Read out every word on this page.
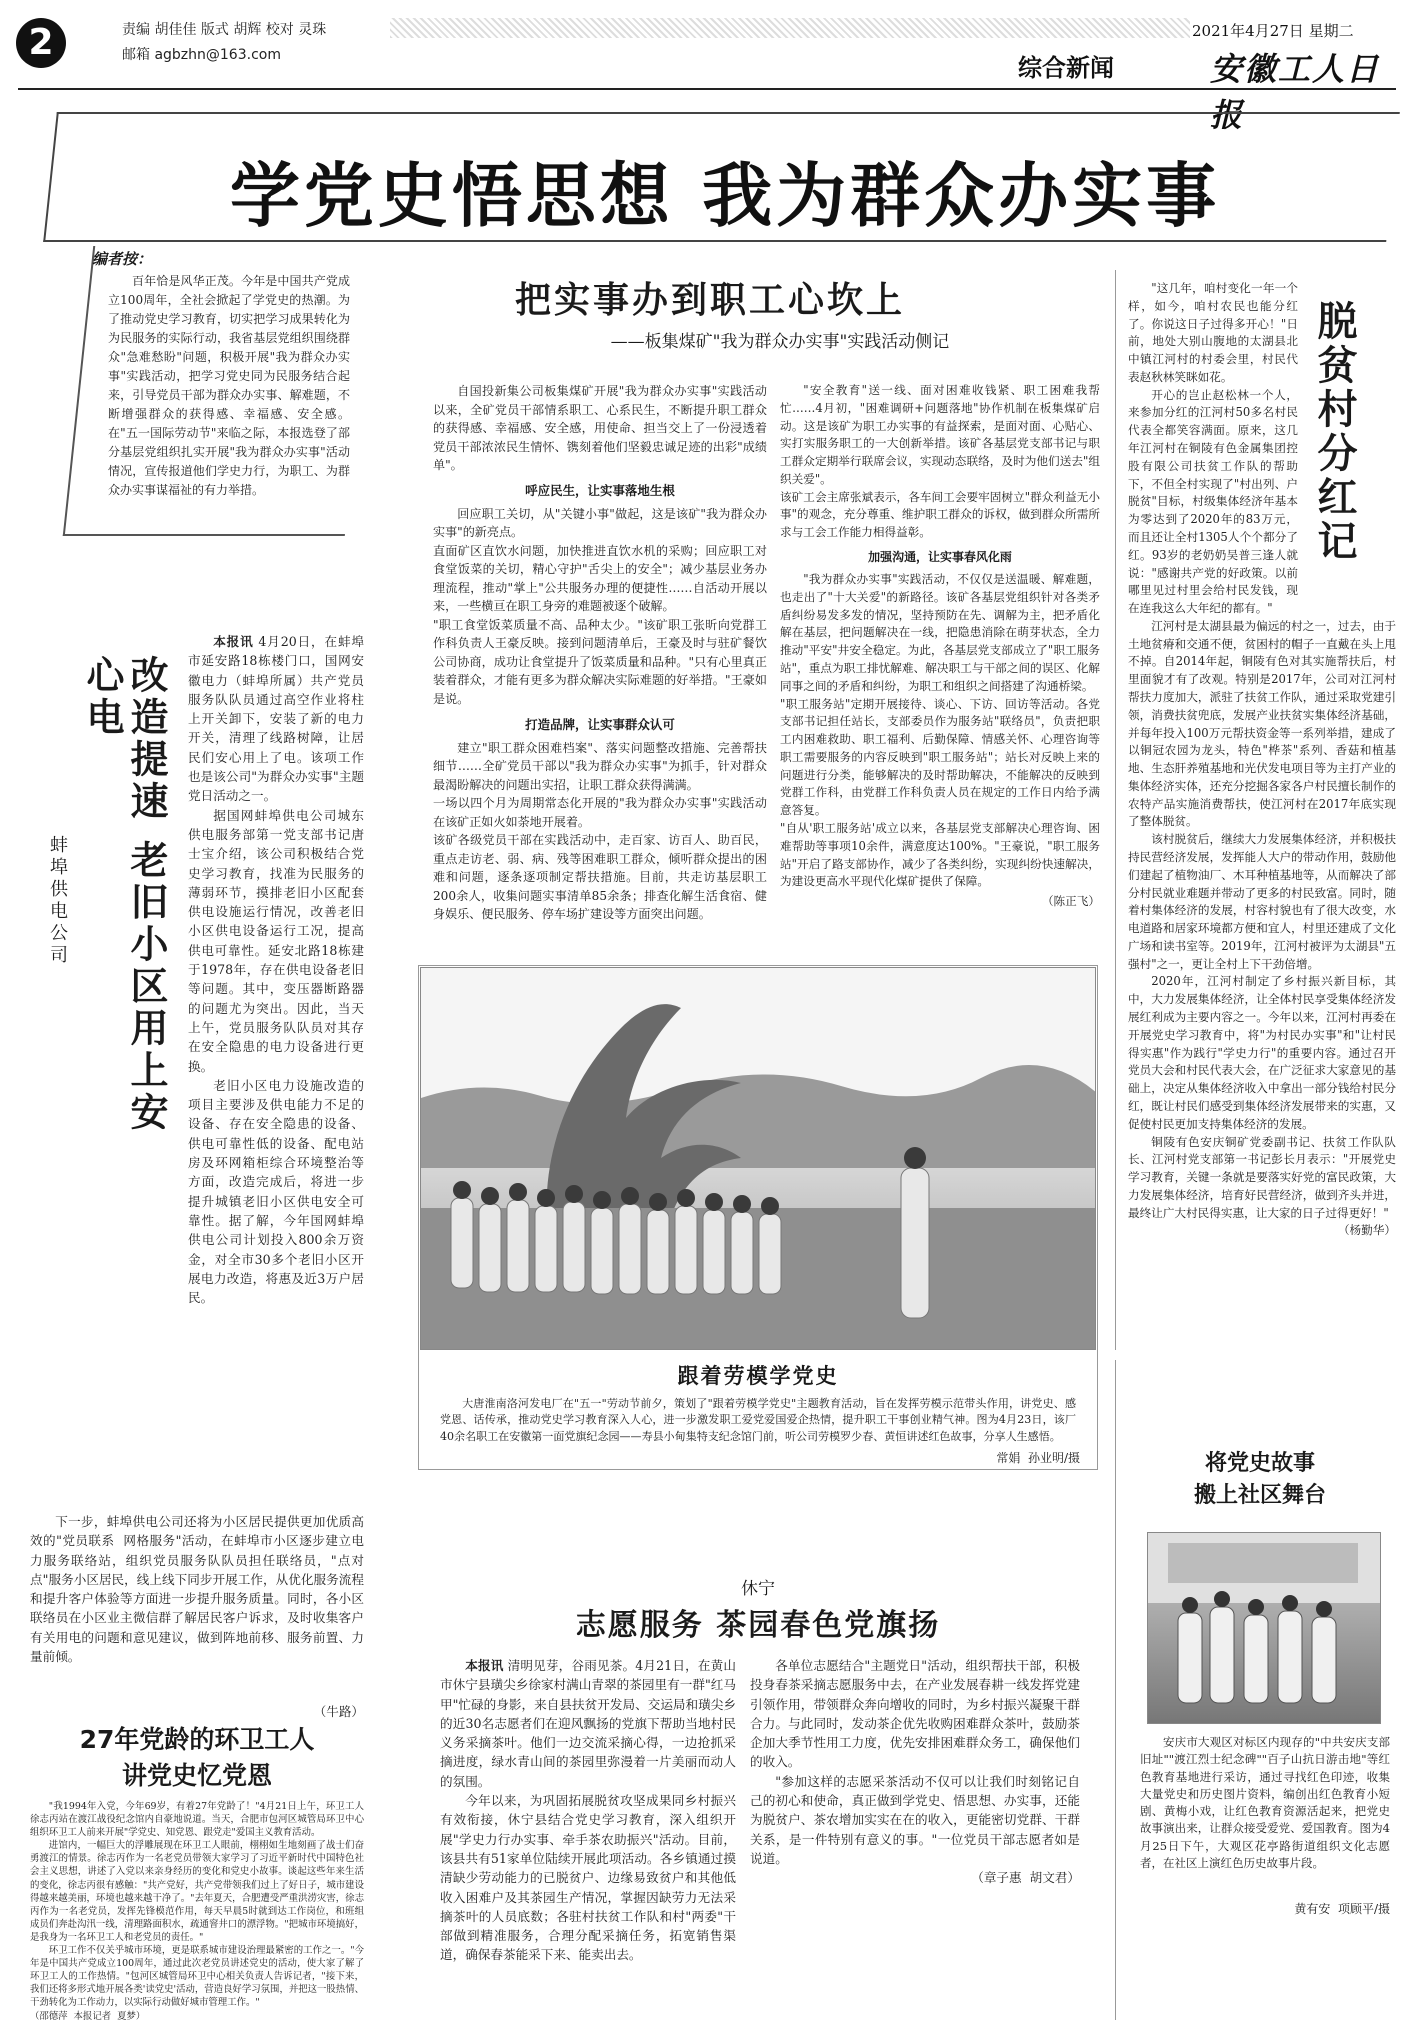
2	责编 胡佳佳 版式 胡辉 校对 灵珠
邮箱 agbzhn@163.com
2021年4月27日 星期二
综合新闻	安徽工人日报
学党史悟思想 我为群众办实事
编者按：
百年恰是风华正茂。今年是中国共产党成立100周年，全社会掀起了学党史的热潮。为了推动党史学习教育，切实把学习成果转化为为民服务的实际行动，我省基层党组织围绕群众"急难愁盼"问题，积极开展"我为群众办实事"实践活动，把学习党史同为民服务结合起来，引导党员干部为群众办实事、解难题，不断增强群众的获得感、幸福感、安全感。在"五一国际劳动节"来临之际，本报选登了部分基层党组织扎实开展"我为群众办实事"活动情况，宣传报道他们学史力行，为职工、为群众办实事谋福祉的有力举措。
把实事办到职工心坎上
——板集煤矿"我为群众办实事"实践活动侧记
自国投新集公司板集煤矿开展"我为群众办实事"实践活动以来，全矿党员干部情系职工、心系民生，不断提升职工群众的获得感、幸福感、安全感，用使命、担当交上了一份浸透着党员干部浓浓民生情怀、镌刻着他们坚毅忠诚足迹的出彩"成绩单"。
呼应民生，让实事落地生根
回应职工关切，从"关键小事"做起，这是该矿"我为群众办实事"的新亮点。
直面矿区直饮水问题，加快推进直饮水机的采购；回应职工对食堂饭菜的关切，精心守护"舌尖上的安全"；减少基层业务办理流程，推动"掌上"公共服务办理的便捷性……自活动开展以来，一些横亘在职工身旁的难题被逐个破解。
"职工食堂饭菜质量不高、品种太少。"该矿职工张昕向党群工作科负责人王豪反映。接到问题清单后，王豪及时与驻矿餐饮公司协商，成功让食堂提升了饭菜质量和品种。"只有心里真正装着群众，才能有更多为群众解决实际难题的好举措。"王豪如是说。
打造品牌，让实事群众认可
建立"职工群众困难档案"、落实问题整改措施、完善帮扶细节……全矿党员干部以"我为群众办实事"为抓手，针对群众最渴盼解决的问题出实招，让职工群众获得满满。
一场以四个月为周期常态化开展的"我为群众办实事"实践活动在该矿正如火如荼地开展着。
该矿各级党员干部在实践活动中，走百家、访百人、助百民，重点走访老、弱、病、残等困难职工群众，倾听群众提出的困难和问题，逐条逐项制定帮扶措施。目前，共走访基层职工200余人，收集问题实事清单85余条；排查化解生活食宿、健身娱乐、便民服务、停车场扩建设等方面突出问题。
"安全教育"送一线、面对困难收钱紧、职工困难我帮忙……4月初，"困难调研+问题落地"协作机制在板集煤矿启动。这是该矿为职工办实事的有益探索，是面对面、心贴心、实打实服务职工的一大创新举措。该矿各基层党支部书记与职工群众定期举行联席会议，实现动态联络，及时为他们送去"组织关爱"。
该矿工会主席张斌表示，各车间工会要牢固树立"群众利益无小事"的观念，充分尊重、维护职工群众的诉权，做到群众所需所求与工会工作能力相得益彰。
加强沟通，让实事春风化雨
"我为群众办实事"实践活动，不仅仅是送温暖、解难题，也走出了"十大关爱"的新路径。该矿各基层党组织针对各类矛盾纠纷易发多发的情况，坚持预防在先、调解为主，把矛盾化解在基层，把问题解决在一线，把隐患消除在萌芽状态，全力推动"平安"井安全稳定。为此，各基层党支部成立了"职工服务站"，重点为职工排忧解难、解决职工与干部之间的误区、化解同事之间的矛盾和纠纷，为职工和组织之间搭建了沟通桥梁。
"职工服务站"定期开展接待、谈心、下访、回访等活动。各党支部书记担任站长，支部委员作为服务站"联络员"，负责把职工内困难救助、职工福利、后勤保障、情感关怀、心理咨询等职工需要服务的内容反映到"职工服务站"；站长对反映上来的问题进行分类，能够解决的及时帮助解决，不能解决的反映到党群工作科，由党群工作科负责人员在规定的工作日内给予满意答复。
"自从'职工服务站'成立以来，各基层党支部解决心理咨询、困难帮助等事项10余件，满意度达100%。"王豪说，"职工服务站"开启了路支部协作，减少了各类纠纷，实现纠纷快速解决，为建设更高水平现代化煤矿提供了保障。
（陈正飞）
脱贫村分红记
"这几年，咱村变化一年一个样，如今，咱村农民也能分红了。你说这日子过得多开心！"日前，地处大别山腹地的太湖县北中镇江河村的村委会里，村民代表赵秋林笑眯如花。
开心的岂止赵松林一个人，来参加分红的江河村50多名村民代表全都笑容满面。原来，这几年江河村在铜陵有色金属集团控股有限公司扶贫工作队的帮助下，不但全村实现了"村出列、户脱贫"目标，村级集体经济年基本为零达到了2020年的83万元，而且还让全村1305人个个都分了红。93岁的老奶奶吴普三逢人就说："感谢共产党的好政策。以前哪里见过村里会给村民发钱，现在连我这么大年纪的都有。"
江河村是太湖县最为偏远的村之一，过去，由于土地贫瘠和交通不便，贫困村的帽子一直戴在头上甩不掉。自2014年起，铜陵有色对其实施帮扶后，村里面貌才有了改观。特别是2017年，公司对江河村帮扶力度加大，派驻了扶贫工作队，通过采取党建引领，消费扶贫兜底，发展产业扶贫实集体经济基础，并每年投入100万元帮扶资金等一系列举措，建成了以铜冠农园为龙头，特色"桦茶"系列、香菇和植基地、生态肝养殖基地和光伏发电项目等为主打产业的集体经济实体，还充分挖掘各家各户村民擅长制作的农特产品实施消费帮扶，使江河村在2017年底实现了整体脱贫。
该村脱贫后，继续大力发展集体经济，并积极扶持民营经济发展，发挥能人大户的带动作用，鼓励他们建起了植物油厂、木耳种植基地等，从而解决了部分村民就业难题并带动了更多的村民致富。同时，随着村集体经济的发展，村容村貌也有了很大改变，水电道路和居家环境都方便和宜人，村里还建成了文化广场和读书室等。2019年，江河村被评为太湖县"五强村"之一，更让全村上下干劲倍增。
2020年，江河村制定了乡村振兴新目标，其中，大力发展集体经济，让全体村民享受集体经济发展红利成为主要内容之一。今年以来，江河村再委在开展党史学习教育中，将"为村民办实事"和"让村民得实惠"作为践行"学史力行"的重要内容。通过召开党员大会和村民代表大会，在广泛征求大家意见的基础上，决定从集体经济收入中拿出一部分钱给村民分红，既让村民们感受到集体经济发展带来的实惠，又促使村民更加支持集体经济的发展。
铜陵有色安庆铜矿党委副书记、扶贫工作队队长、江河村党支部第一书记彭长月表示："开展党史学习教育，关键一条就是要落实好党的富民政策，大力发展集体经济，培育好民营经济，做到齐头并进，最终让广大村民得实惠，让大家的日子过得更好！"
（杨勤华）
改造提速 老旧小区用上安心电
蚌埠供电公司
本报讯 4月20日，在蚌埠市延安路18栋楼门口，国网安徽电力（蚌埠所属）共产党员服务队队员通过高空作业将柱上开关卸下，安装了新的电力开关，清理了线路树障，让居民们安心用上了电。该项工作也是该公司"为群众办实事"主题党日活动之一。
据国网蚌埠供电公司城东供电服务部第一党支部书记唐士宝介绍，该公司积极结合党史学习教育，找准为民服务的薄弱环节，摸排老旧小区配套供电设施运行情况，改善老旧小区供电设备运行工况，提高供电可靠性。延安北路18栋建于1978年，存在供电设备老旧等问题。其中，变压器断路器的问题尤为突出。因此，当天上午，党员服务队队员对其存在安全隐患的电力设备进行更换。
老旧小区电力设施改造的项目主要涉及供电能力不足的设备、存在安全隐患的设备、供电可靠性低的设备、配电站房及环网箱柜综合环境整治等方面，改造完成后，将进一步提升城镇老旧小区供电安全可靠性。据了解，今年国网蚌埠供电公司计划投入800余万资金，对全市30多个老旧小区开展电力改造，将惠及近3万户居民。
下一步，蚌埠供电公司还将为小区居民提供更加优质高效的"党员联系  网格服务"活动，在蚌埠市小区逐步建立电力服务联络站，组织党员服务队队员担任联络员，"点对点"服务小区居民，线上线下同步开展工作，从优化服务流程和提升客户体验等方面进一步提升服务质量。同时，各小区联络员在小区业主微信群了解居民客户诉求，及时收集客户有关用电的问题和意见建议，做到阵地前移、服务前置、力量前倾。
（牛路）
跟着劳模学党史
大唐淮南洛河发电厂在"五一"劳动节前夕，策划了"跟着劳模学党史"主题教育活动，旨在发挥劳模示范带头作用，讲党史、感党恩、话传承，推动党史学习教育深入人心，进一步激发职工爱党爱国爱企热情，提升职工干事创业精气神。图为4月23日，该厂40余名职工在安徽第一面党旗纪念园——寿县小甸集特支纪念馆门前，听公司劳模罗少春、黄恒讲述红色故事，分享人生感悟。
常娟  孙业明/摄
27年党龄的环卫工人
讲党史忆党恩
休宁
志愿服务 茶园春色党旗扬
本报讯 清明见芽，谷雨见茶。4月21日，在黄山市休宁县璜尖乡徐家村满山青翠的茶园里有一群"红马甲"忙碌的身影，来自县扶贫开发局、交运局和璜尖乡的近30名志愿者们在迎风飘扬的党旗下帮助当地村民义务采摘茶叶。他们一边交流采摘心得，一边抢抓采摘进度，绿水青山间的茶园里弥漫着一片美丽而动人的氛围。
今年以来，为巩固拓展脱贫攻坚成果同乡村振兴有效衔接，休宁县结合党史学习教育，深入组织开展"学史力行办实事、牵手茶农助振兴"活动。目前，该县共有51家单位陆续开展此项活动。各乡镇通过摸清缺少劳动能力的已脱贫户、边缘易致贫户和其他低收入困难户及其茶园生产情况，掌握因缺劳力无法采摘茶叶的人员底数；各驻村扶贫工作队和村"两委"干部做到精准服务，合理分配采摘任务，拓宽销售渠道，确保春茶能采下来、能卖出去。
各单位志愿结合"主题党日"活动，组织帮扶干部，积极投身春茶采摘志愿服务中去，在产业发展春耕一线发挥党建引领作用，带领群众奔向增收的同时，为乡村振兴凝聚干群合力。与此同时，发动茶企优先收购困难群众茶叶，鼓励茶企加大季节性用工力度，优先安排困难群众务工，确保他们的收入。
"参加这样的志愿采茶活动不仅可以让我们时刻铭记自己的初心和使命，真正做到学党史、悟思想、办实事，还能为脱贫户、茶农增加实实在在的收入，更能密切党群、干群关系，是一件特别有意义的事。"一位党员干部志愿者如是说道。
（章子惠  胡文君）
将党史故事
搬上社区舞台
安庆市大观区对标区内现存的"中共安庆支部旧址""渡江烈士纪念碑""百子山抗日游击地"等红色教育基地进行采访，通过寻找红色印迹，收集大量党史和历史图片资料，编创出红色教育小短剧、黄梅小戏，让红色教育资源活起来，把党史故事演出来，让群众接受爱党、爱国教育。图为4月25日下午，大观区花亭路街道组织文化志愿者，在社区上演红色历史故事片段。
黄有安  项顾平/摄
"我1994年入党，今年69岁，有着27年党龄了！"4月21日上午，环卫工人徐志丙站在渡江战役纪念馆内自豪地说道。当天，合肥市包河区城管局环卫中心组织环卫工人前来开展"学党史、知党恩、跟党走"爱国主义教育活动。
进馆内，一幅巨大的浮雕展现在环卫工人眼前，栩栩如生地刻画了战士们奋勇渡江的情景。徐志丙作为一名老党员带领大家学习了习近平新时代中国特色社会主义思想，讲述了入党以来亲身经历的变化和党史小故事。谈起这些年来生活的变化，徐志丙很有感触："共产党好，共产党带领我们过上了好日子，城市建设得越来越美丽，环境也越来越干净了。"去年夏天，合肥遭受严重洪涝灾害，徐志丙作为一名老党员，发挥先锋模范作用，每天早晨5时就到达工作岗位，和班组成员们奔赴沟汛一线，清理路面积水，疏通窨井口的漂浮物。"把城市环境搞好，是我身为一名环卫工人和老党员的责任。"
环卫工作不仅关乎城市环境，更是联系城市建设治理最紧密的工作之一。"今年是中国共产党成立100周年，通过此次老党员讲述党史的活动，使大家了解了环卫工人的工作热情。"包河区城管局环卫中心相关负责人告诉记者，"接下来，我们还将多形式地开展各类'读党史'活动，营造良好学习氛围，并把这一股热情、干劲转化为工作动力，以实际行动做好城市管理工作。"
（邵德萍  本报记者  夏梦）
